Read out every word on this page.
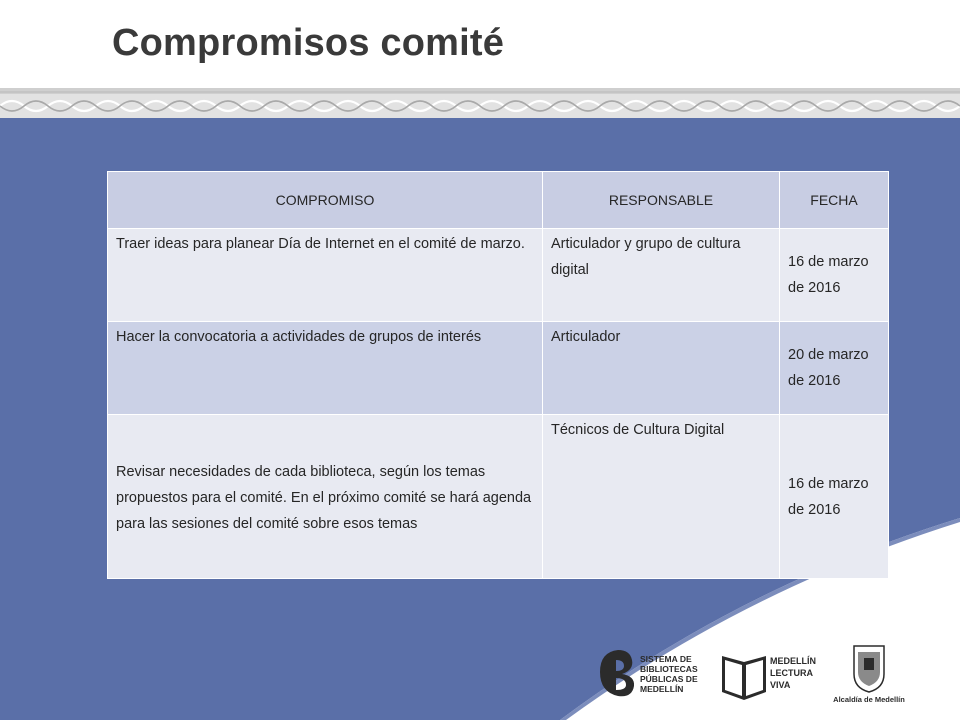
Compromisos comité
COMPROMISO	RESPONSABLE	FECHA
Traer ideas para planear Día de Internet en el comité de marzo.	Articulador y grupo de cultura digital	16 de marzo de 2016
Hacer la convocatoria a actividades de grupos de interés	Articulador	20 de marzo de 2016
Revisar necesidades de cada biblioteca, según los temas propuestos para el comité. En el próximo comité se hará agenda para las sesiones del comité sobre esos temas	Técnicos de Cultura Digital	16 de marzo de 2016
SISTEMA DE
BIBLIOTECAS
PÚBLICAS DE
MEDELLÍN
MEDELLÍN
LECTURA
VIVA
Alcaldía de Medellín
